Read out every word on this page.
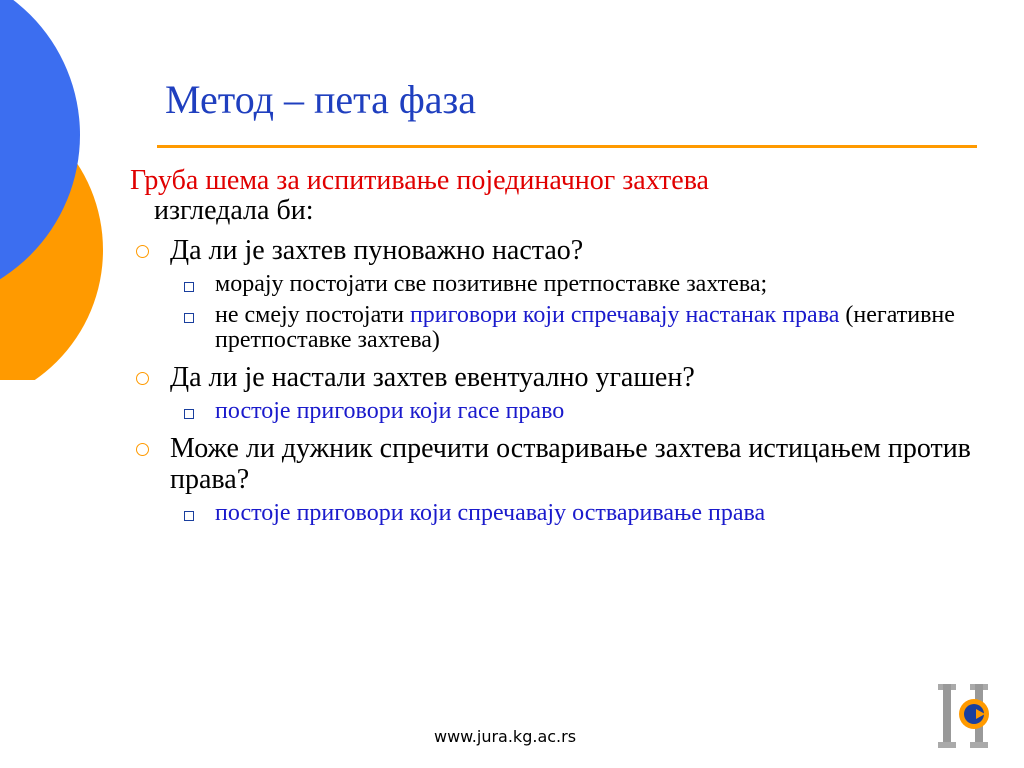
Метод – пета фаза
Груба шема за испитивање појединачног захтева
изгледала би:
Да ли је захтев пуноважно настао?
морају постојати све позитивне претпоставке захтева;
не смеју постојати приговори који спречавају настанак права (негативне претпоставке захтева)
Да ли је настали захтев евентуално угашен?
постоје приговори који гасе право
Може ли дужник спречити остваривање захтева истицањем против права?
постоје приговори који спречавају остваривање права
www.jura.kg.ac.rs
